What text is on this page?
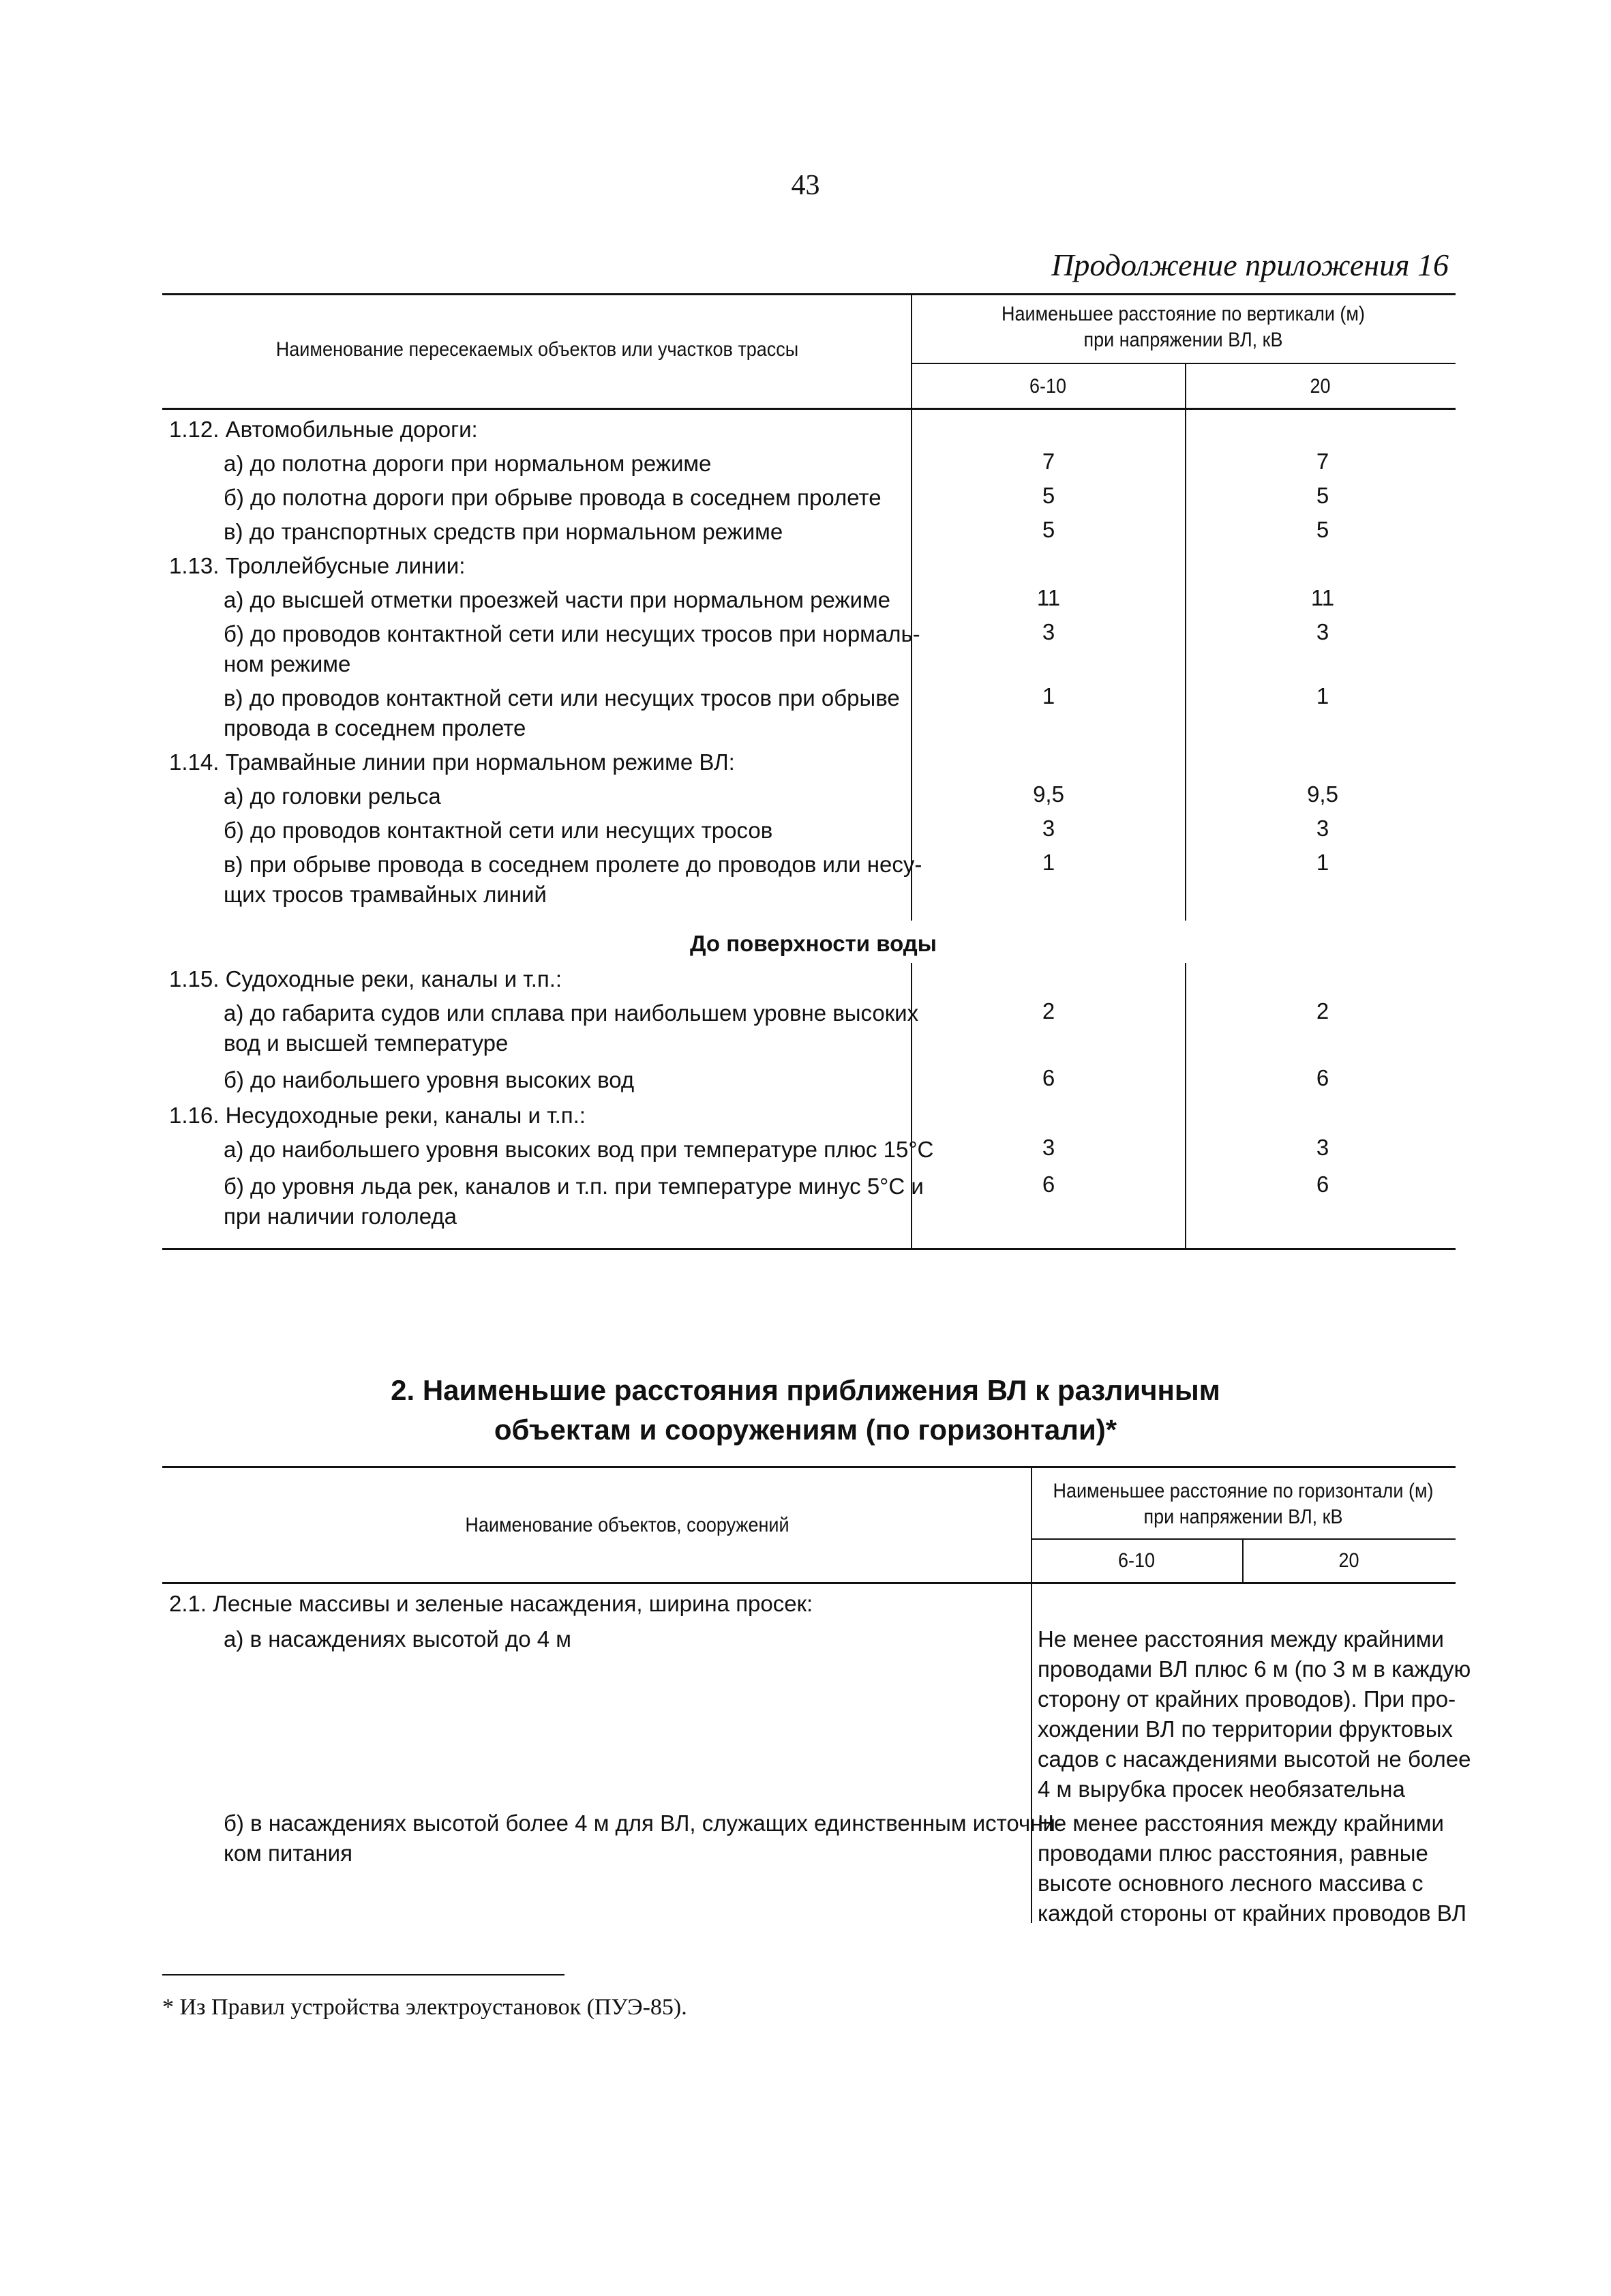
43
Продолжение приложения 16
Наименование пересекаемых объектов или участков трассы
Наименьшее расстояние по вертикали (м)
при напряжении ВЛ, кВ
6-10	20
1.12. Автомобильные дороги:
а) до полотна дороги при нормальном режиме	7	7
б) до полотна дороги при обрыве провода в соседнем пролете	5	5
в) до транспортных средств при нормальном режиме	5	5
1.13. Троллейбусные линии:
а) до высшей отметки проезжей части при нормальном режиме	11	11
б) до проводов контактной сети или несущих тросов при нормаль-
ном режиме
3	3
в) до проводов контактной сети или несущих тросов при обрыве
провода в соседнем пролете
1	1
1.14. Трамвайные линии при нормальном режиме ВЛ:
а) до головки рельса	9,5	9,5
б) до проводов контактной сети или несущих тросов	3	3
в) при обрыве провода в соседнем пролете до проводов или несу-
щих тросов трамвайных линий
1	1
До поверхности воды
1.15. Судоходные реки, каналы и т.п.:
а) до габарита судов или сплава при наибольшем уровне высоких
вод и высшей температуре
2	2
б) до наибольшего уровня высоких вод	6	6
1.16. Несудоходные реки, каналы и т.п.:
а) до наибольшего уровня высоких вод при температуре плюс 15°С	3	3
б) до уровня льда рек, каналов и т.п. при температуре минус 5°С и
при наличии гололеда
6	6
2. Наименьшие расстояния приближения ВЛ к различным
объектам и сооружениям (по горизонтали)*
Наименование объектов, сооружений
Наименьшее расстояние по горизонтали (м)
при напряжении ВЛ, кВ
6-10	20
2.1. Лесные массивы и зеленые насаждения, ширина просек:
а) в насаждениях высотой до 4 м	Не менее расстояния между крайними
проводами ВЛ плюс 6 м (по 3 м в каждую
сторону от крайних проводов). При про-
хождении ВЛ по территории фруктовых
садов с насаждениями высотой не более
4 м вырубка просек необязательна
б) в насаждениях высотой более 4 м для ВЛ, служащих единственным источни-
ком питания
Не менее расстояния между крайними
проводами плюс расстояния, равные
высоте основного лесного массива с
каждой стороны от крайних проводов ВЛ
* Из Правил устройства электроустановок (ПУЭ-85).
